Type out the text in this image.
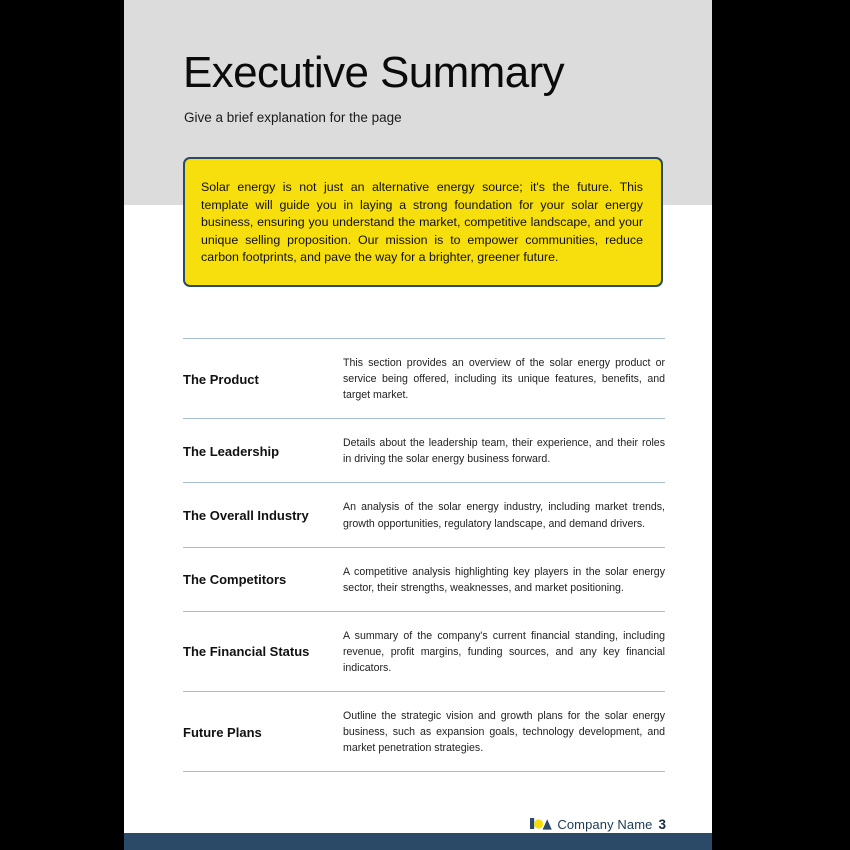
Executive Summary
Give a brief explanation for the page

Solar energy is not just an alternative energy source; it's the future. This template will guide you in laying a strong foundation for your solar energy business, ensuring you understand the market, competitive landscape, and your unique selling proposition. Our mission is to empower communities, reduce carbon footprints, and pave the way for a brighter, greener future.

The Product
This section provides an overview of the solar energy product or service being offered, including its unique features, benefits, and target market.
The Leadership
Details about the leadership team, their experience, and their roles in driving the solar energy business forward.
The Overall Industry
An analysis of the solar energy industry, including market trends, growth opportunities, regulatory landscape, and demand drivers.
The Competitors
A competitive analysis highlighting key players in the solar energy sector, their strengths, weaknesses, and market positioning.
The Financial Status
A summary of the company's current financial standing, including revenue, profit margins, funding sources, and any key financial indicators.
Future Plans
Outline the strategic vision and growth plans for the solar energy business, such as expansion goals, technology development, and market penetration strategies.
Company Name 3
